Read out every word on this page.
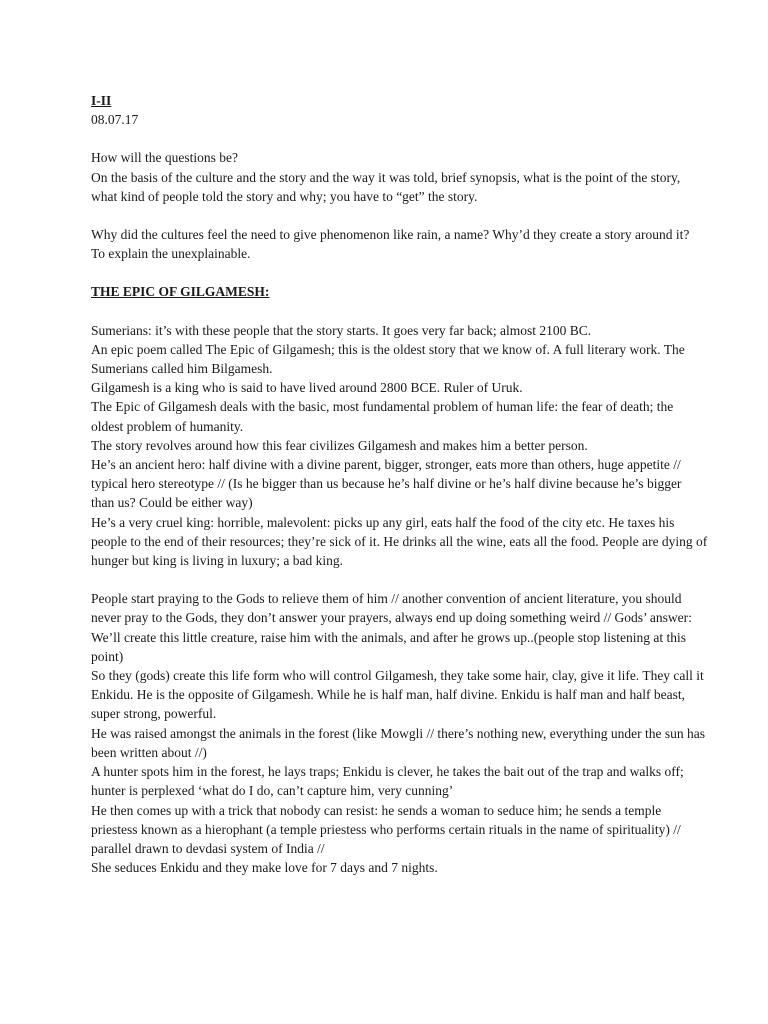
I-II
08.07.17
How will the questions be?
On the basis of the culture and the story and the way it was told, brief synopsis, what is the point of the story, what kind of people told the story and why; you have to “get” the story.
Why did the cultures feel the need to give phenomenon like rain, a name? Why’d they create a story around it?
To explain the unexplainable.
THE EPIC OF GILGAMESH:
Sumerians: it’s with these people that the story starts. It goes very far back; almost 2100 BC.
An epic poem called The Epic of Gilgamesh; this is the oldest story that we know of. A full literary work. The Sumerians called him Bilgamesh.
Gilgamesh is a king who is said to have lived around 2800 BCE. Ruler of Uruk.
The Epic of Gilgamesh deals with the basic, most fundamental problem of human life: the fear of death; the oldest problem of humanity.
The story revolves around how this fear civilizes Gilgamesh and makes him a better person.
He’s an ancient hero: half divine with a divine parent, bigger, stronger, eats more than others, huge appetite // typical hero stereotype // (Is he bigger than us because he’s half divine or he’s half divine because he’s bigger than us? Could be either way)
He’s a very cruel king: horrible, malevolent: picks up any girl, eats half the food of the city etc. He taxes his people to the end of their resources; they’re sick of it. He drinks all the wine, eats all the food. People are dying of hunger but king is living in luxury; a bad king.
People start praying to the Gods to relieve them of him // another convention of ancient literature, you should never pray to the Gods, they don’t answer your prayers, always end up doing something weird // Gods’ answer: We’ll create this little creature, raise him with the animals, and after he grows up..(people stop listening at this point)
So they (gods) create this life form who will control Gilgamesh, they take some hair, clay, give it life. They call it Enkidu. He is the opposite of Gilgamesh. While he is half man, half divine. Enkidu is half man and half beast, super strong, powerful.
He was raised amongst the animals in the forest (like Mowgli // there’s nothing new, everything under the sun has been written about //)
A hunter spots him in the forest, he lays traps; Enkidu is clever, he takes the bait out of the trap and walks off; hunter is perplexed ‘what do I do, can’t capture him, very cunning’
He then comes up with a trick that nobody can resist: he sends a woman to seduce him; he sends a temple priestess known as a hierophant (a temple priestess who performs certain rituals in the name of spirituality) // parallel drawn to devdasi system of India //
She seduces Enkidu and they make love for 7 days and 7 nights.
